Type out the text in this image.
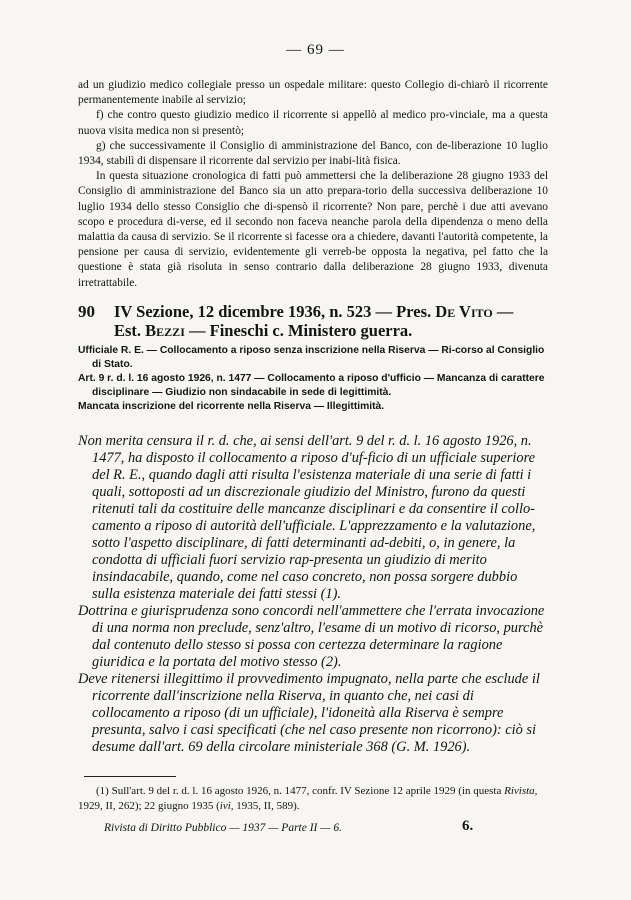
— 69 —

ad un giudizio medico collegiale presso un ospedale militare: questo Collegio di-chiarò il ricorrente permanentemente inabile al servizio;

f) che contro questo giudizio medico il ricorrente si appellò al medico pro-vinciale, ma a questa nuova visita medica non si presentò;

g) che successivamente il Consiglio di amministrazione del Banco, con de-liberazione 10 luglio 1934, stabilì di dispensare il ricorrente dal servizio per inabi-lità fisica.

In questa situazione cronologica di fatti può ammettersi che la deliberazione 28 giugno 1933 del Consiglio di amministrazione del Banco sia un atto prepara-torio della successiva deliberazione 10 luglio 1934 dello stesso Consiglio che di-spensò il ricorrente? Non pare, perchè i due atti avevano scopo e procedura di-verse, ed il secondo non faceva neanche parola della dipendenza o meno della malattia da causa di servizio. Se il ricorrente si facesse ora a chiedere, davanti l'autorità competente, la pensione per causa di servizio, evidentemente gli verreb-be opposta la negativa, pel fatto che la questione è stata già risoluta in senso contrario dalla deliberazione 28 giugno 1933, divenuta irretrattabile.

90 IV Sezione, 12 dicembre 1936, n. 523 — Pres. De Vito —
Est. Bezzi — Fineschi c. Ministero guerra.

Ufficiale R. E. — Collocamento a riposo senza inscrizione nella Riserva — Ri-corso al Consiglio di Stato.

Art. 9 r. d. l. 16 agosto 1926, n. 1477 — Collocamento a riposo d'ufficio — Mancanza di carattere disciplinare — Giudizio non sindacabile in sede di legittimità.

Mancata inscrizione del ricorrente nella Riserva — Illegittimità.

Non merita censura il r. d. che, ai sensi dell'art. 9 del r. d. l. 16 agosto 1926, n. 1477, ha disposto il collocamento a riposo d'uf-ficio di un ufficiale superiore del R. E., quando dagli atti risulta l'esistenza materiale di una serie di fatti i quali, sottoposti ad un discrezionale giudizio del Ministro, furono da questi ritenuti tali da costituire delle mancanze disciplinari e da consentire il collo-camento a riposo di autorità dell'ufficiale. L'apprezzamento e la valutazione, sotto l'aspetto disciplinare, di fatti determinanti ad-debiti, o, in genere, la condotta di ufficiali fuori servizio rap-presenta un giudizio di merito insindacabile, quando, come nel caso concreto, non possa sorgere dubbio sulla esistenza materiale dei fatti stessi (1).

Dottrina e giurisprudenza sono concordi nell'ammettere che l'errata invocazione di una norma non preclude, senz'altro, l'esame di un motivo di ricorso, purchè dal contenuto dello stesso si possa con certezza determinare la ragione giuridica e la portata del motivo stesso (2).

Deve ritenersi illegittimo il provvedimento impugnato, nella parte che esclude il ricorrente dall'inscrizione nella Riserva, in quanto che, nei casi di collocamento a riposo (di un ufficiale), l'idoneità alla Riserva è sempre presunta, salvo i casi specificati (che nel caso presente non ricorrono): ciò si desume dall'art. 69 della circolare ministeriale 368 (G. M. 1926).

(1) Sull'art. 9 del r. d. l. 16 agosto 1926, n. 1477, confr. IV Sezione 12 aprile 1929 (in questa Rivista, 1929, II, 262); 22 giugno 1935 (ivi, 1935, II, 589).

Rivista di Diritto Pubblico — 1937 — Parte II — 6.	6.
